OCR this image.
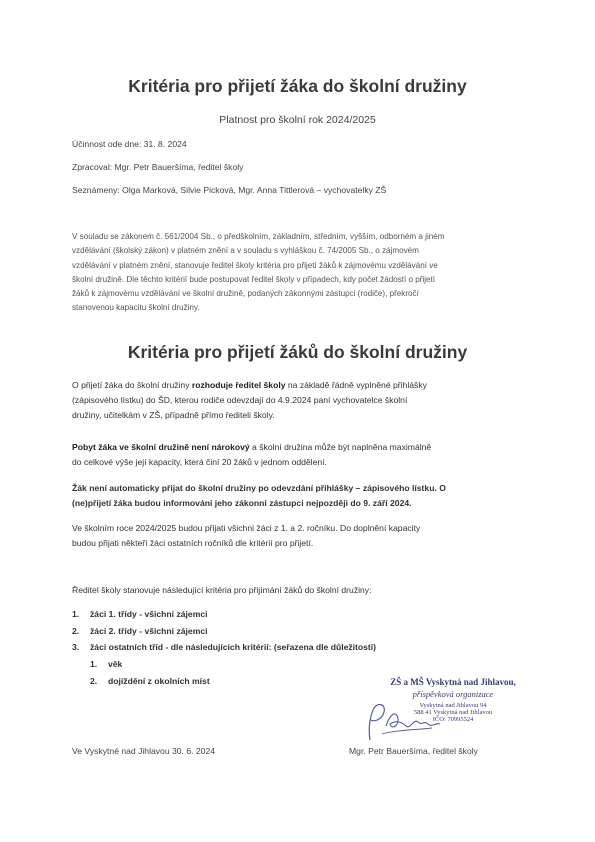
Kritéria pro přijetí žáka do školní družiny
Platnost pro školní rok 2024/2025
Účinnost ode dne: 31. 8. 2024
Zpracoval: Mgr. Petr Baueršíma, ředitel školy
Seznámeny: Olga Marková, Silvie Picková, Mgr. Anna Tittlerová – vychovatelky ZŠ
V souladu se zákonem č. 561/2004 Sb., o předškolním, základním, středním, vyšším, odborném a jiném
vzdělávání (školský zákon) v platném znění a v souladu s vyhláškou č. 74/2005 Sb., o zájmovém
vzdělávání v platném znění, stanovuje ředitel školy kritéria pro přijetí žáků k zájmovému vzdělávání ve
školní družině. Dle těchto kritérií bude postupovat ředitel školy v případech, kdy počet žádostí o přijetí
žáků k zájmovému vzdělávání ve školní družině, podaných zákonnými zástupci (rodiče), překročí
stanovenou kapacitu školní družiny.
Kritéria pro přijetí žáků do školní družiny
O přijetí žáka do školní družiny rozhoduje ředitel školy na základě řádně vyplněné přihlášky
(zápisového lístku) do ŠD, kterou rodiče odevzdají do 4.9.2024 paní vychovatelce školní
družiny, učitelkám v ZŠ, případně přímo řediteli školy.
Pobyt žáka ve školní družině není nárokový a školní družina může být naplněna maximálně
do celkové výše její kapacity, která činí 20 žáků v jednom oddělení.
Žák není automaticky přijat do školní družiny po odevzdání přihlášky – zápisového lístku. O
(ne)přijetí žáka budou informováni jeho zákonní zástupci nejpozději do 9. září 2024.
Ve školním roce 2024/2025 budou přijati všichni žáci z 1. a 2. ročníku. Do doplnění kapacity
budou přijati někteří žáci ostatních ročníků dle kritérií pro přijetí.
Ředitel školy stanovuje následující kritéria pro přijímání žáků do školní družiny:
1. žáci 1. třídy - všichni zájemci
2. žáci 2. třídy - všichni zájemci
3. žáci ostatních tříd - dle následujících kritérií: (seřazena dle důležitosti)
1. věk
2. dojíždění z okolních míst	ZŠ a MŠ Vyskytná nad Jihlavou,
příspěvková organizace
Vyskytná nad Jihlavou 94
588 41 Vyskytná nad Jihlavou
IČO: 70995524
Ve Vyskytné nad Jihlavou 30. 6. 2024	Mgr. Petr Baueršíma, ředitel školy
